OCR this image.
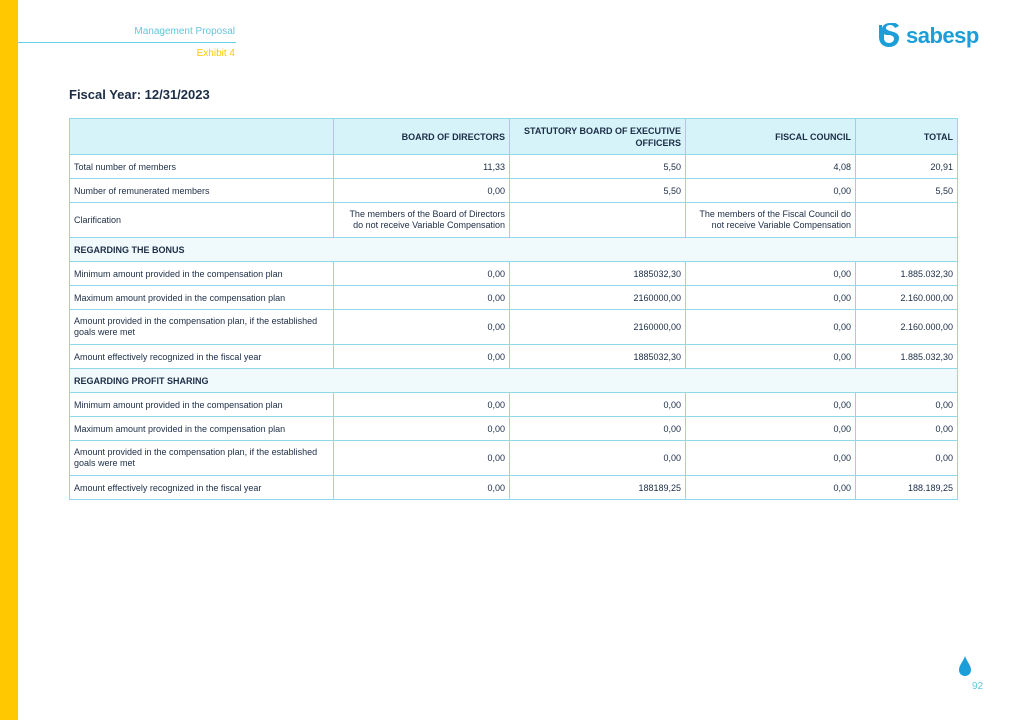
Management Proposal
Exhibit 4
sabesp
Fiscal Year: 12/31/2023
	BOARD OF DIRECTORS	STATUTORY BOARD OF EXECUTIVE OFFICERS	FISCAL COUNCIL	TOTAL
Total number of members	11,33	5,50	4,08	20,91
Number of remunerated members	0,00	5,50	0,00	5,50
Clarification	The members of the Board of Directors do not receive Variable Compensation		The members of the Fiscal Council do not receive Variable Compensation	
REGARDING THE BONUS				
Minimum amount provided in the compensation plan	0,00	1885032,30	0,00	1.885.032,30
Maximum amount provided in the compensation plan	0,00	2160000,00	0,00	2.160.000,00
Amount provided in the compensation plan, if the established goals were met	0,00	2160000,00	0,00	2.160.000,00
Amount effectively recognized in the fiscal year	0,00	1885032,30	0,00	1.885.032,30
REGARDING PROFIT SHARING				
Minimum amount provided in the compensation plan	0,00	0,00	0,00	0,00
Maximum amount provided in the compensation plan	0,00	0,00	0,00	0,00
Amount provided in the compensation plan, if the established goals were met	0,00	0,00	0,00	0,00
Amount effectively recognized in the fiscal year	0,00	188189,25	0,00	188.189,25
92
